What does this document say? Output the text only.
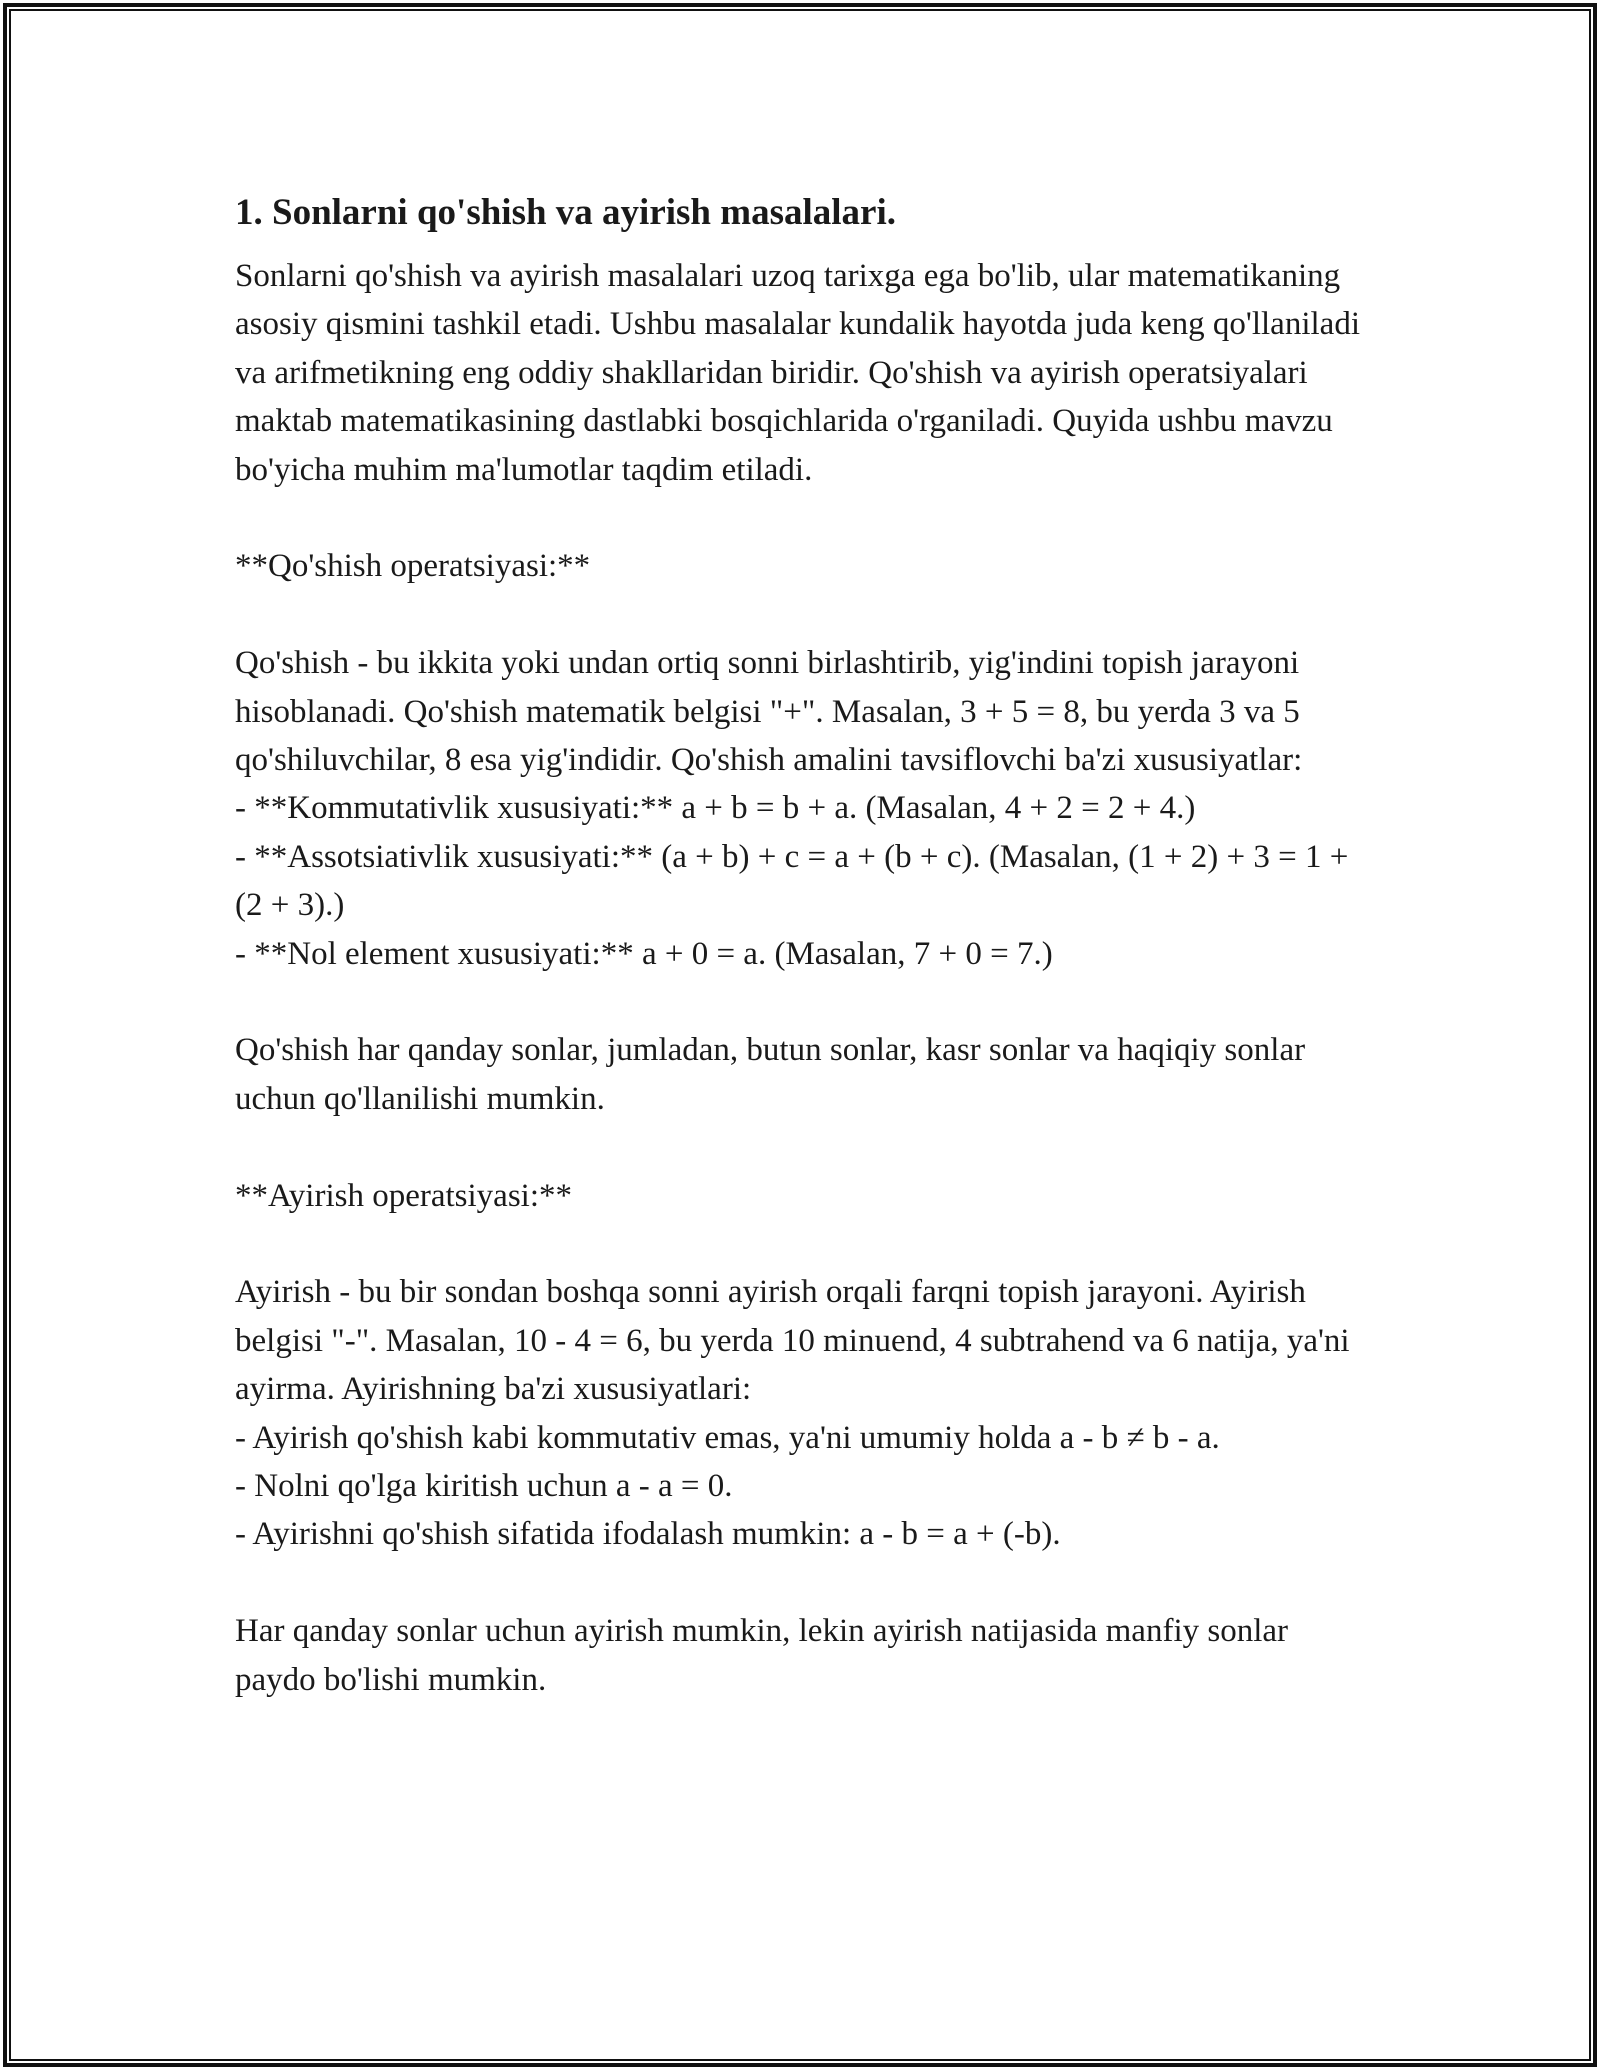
1. Sonlarni qo'shish va ayirish masalalari.

Sonlarni qo'shish va ayirish masalalari uzoq tarixga ega bo'lib, ular matematikaning asosiy qismini tashkil etadi. Ushbu masalalar kundalik hayotda juda keng qo'llaniladi va arifmetikning eng oddiy shakllaridan biridir. Qo'shish va ayirish operatsiyalari maktab matematikasining dastlabki bosqichlarida o'rganiladi. Quyida ushbu mavzu bo'yicha muhim ma'lumotlar taqdim etiladi.

**Qo'shish operatsiyasi:**

Qo'shish - bu ikkita yoki undan ortiq sonni birlashtirib, yig'indini topish jarayoni hisoblanadi. Qo'shish matematik belgisi "+". Masalan, 3 + 5 = 8, bu yerda 3 va 5 qo'shiluvchilar, 8 esa yig'indidir. Qo'shish amalini tavsiflovchi ba'zi xususiyatlar:
- **Kommutativlik xususiyati:** a + b = b + a. (Masalan, 4 + 2 = 2 + 4.)
- **Assotsiativlik xususiyati:** (a + b) + c = a + (b + c). (Masalan, (1 + 2) + 3 = 1 + (2 + 3).)
- **Nol element xususiyati:** a + 0 = a. (Masalan, 7 + 0 = 7.)

Qo'shish har qanday sonlar, jumladan, butun sonlar, kasr sonlar va haqiqiy sonlar uchun qo'llanilishi mumkin.

**Ayirish operatsiyasi:**

Ayirish - bu bir sondan boshqa sonni ayirish orqali farqni topish jarayoni. Ayirish belgisi "-". Masalan, 10 - 4 = 6, bu yerda 10 minuend, 4 subtrahend va 6 natija, ya'ni ayirma. Ayirishning ba'zi xususiyatlari:
- Ayirish qo'shish kabi kommutativ emas, ya'ni umumiy holda a - b ≠ b - a.
- Nolni qo'lga kiritish uchun a - a = 0.
- Ayirishni qo'shish sifatida ifodalash mumkin: a - b = a + (-b).

Har qanday sonlar uchun ayirish mumkin, lekin ayirish natijasida manfiy sonlar paydo bo'lishi mumkin.
